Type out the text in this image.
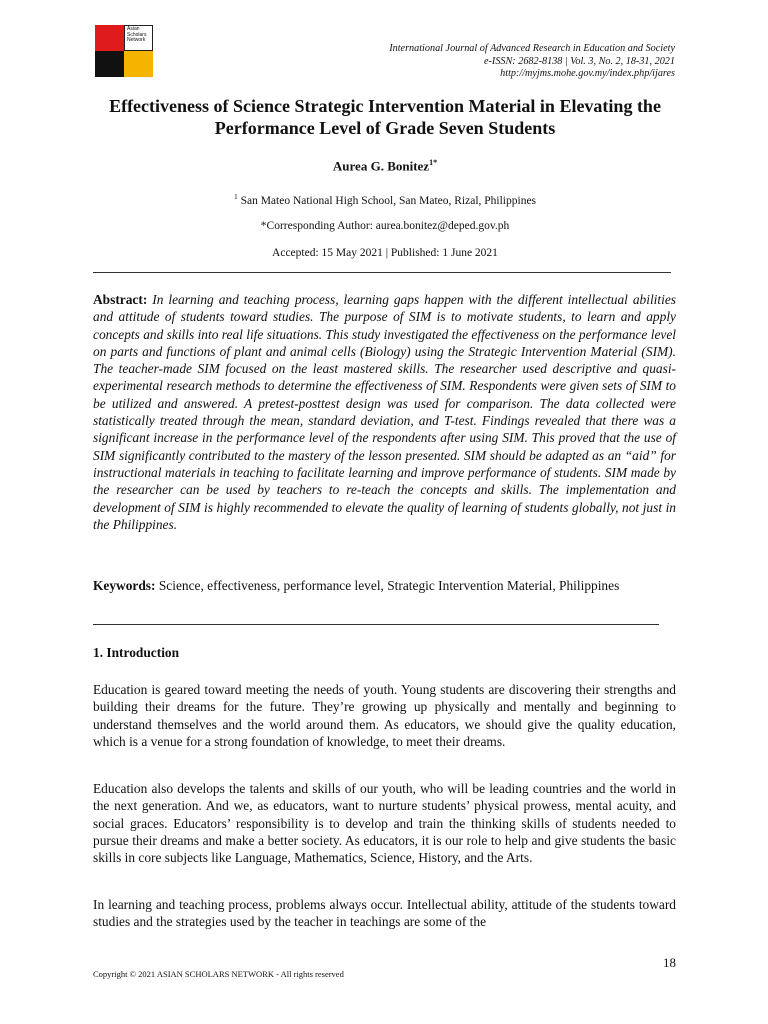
Asian
Scholars
Network
International Journal of Advanced Research in Education and Society
e-ISSN: 2682-8138 | Vol. 3, No. 2, 18-31, 2021
http://myjms.mohe.gov.my/index.php/ijares
Effectiveness of Science Strategic Intervention Material in Elevating the Performance Level of Grade Seven Students
Aurea G. Bonitez$^{1*}$
$^1$ San Mateo National High School, San Mateo, Rizal, Philippines
*Corresponding Author: aurea.bonitez@deped.gov.ph
Accepted: 15 May 2021 | Published: 1 June 2021

Abstract: In learning and teaching process, learning gaps happen with the different intellectual abilities and attitude of students toward studies. The purpose of SIM is to motivate students, to learn and apply concepts and skills into real life situations. This study investigated the effectiveness on the performance level on parts and functions of plant and animal cells (Biology) using the Strategic Intervention Material (SIM). The teacher-made SIM focused on the least mastered skills. The researcher used descriptive and quasi-experimental research methods to determine the effectiveness of SIM. Respondents were given sets of SIM to be utilized and answered. A pretest-posttest design was used for comparison. The data collected were statistically treated through the mean, standard deviation, and T-test. Findings revealed that there was a significant increase in the performance level of the respondents after using SIM. This proved that the use of SIM significantly contributed to the mastery of the lesson presented. SIM should be adapted as an “aid” for instructional materials in teaching to facilitate learning and improve performance of students. SIM made by the researcher can be used by teachers to re-teach the concepts and skills. The implementation and development of SIM is highly recommended to elevate the quality of learning of students globally, not just in the Philippines.

Keywords: Science, effectiveness, performance level, Strategic Intervention Material, Philippines

1. Introduction

Education is geared toward meeting the needs of youth. Young students are discovering their strengths and building their dreams for the future. They’re growing up physically and mentally and beginning to understand themselves and the world around them. As educators, we should give the quality education, which is a venue for a strong foundation of knowledge, to meet their dreams.

Education also develops the talents and skills of our youth, who will be leading countries and the world in the next generation. And we, as educators, want to nurture students’ physical prowess, mental acuity, and social graces. Educators’ responsibility is to develop and train the thinking skills of students needed to pursue their dreams and make a better society. As educators, it is our role to help and give students the basic skills in core subjects like Language, Mathematics, Science, History, and the Arts.

In learning and teaching process, problems always occur. Intellectual ability, attitude of the students toward studies and the strategies used by the teacher in teachings are some of the

18
Copyright © 2021 ASIAN SCHOLARS NETWORK - All rights reserved
